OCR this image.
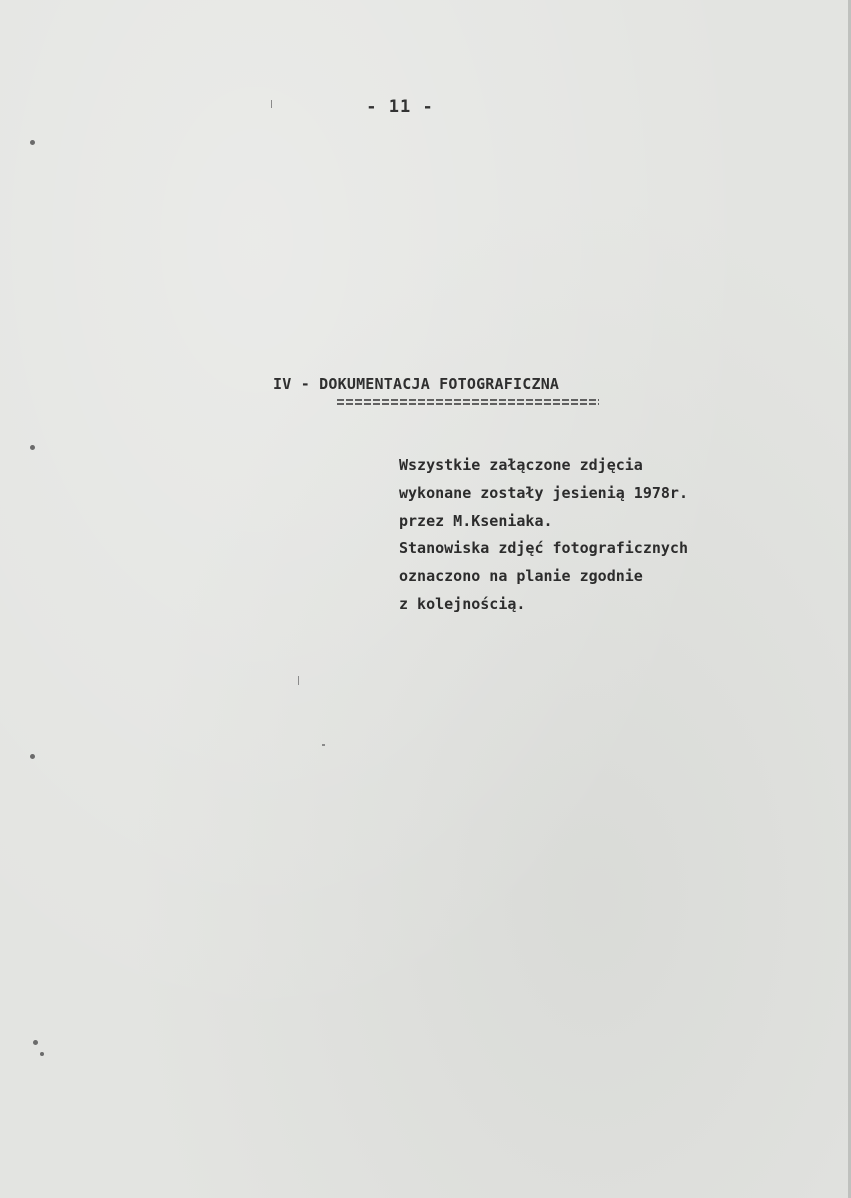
- 11 -
IV - DOKUMENTACJA FOTOGRAFICZNA
Wszystkie załączone zdjęcia
wykonane zostały jesienią 1978r.
przez M.Kseniaka.
Stanowiska zdjęć fotograficznych
oznaczono na planie zgodnie
z kolejnością.
